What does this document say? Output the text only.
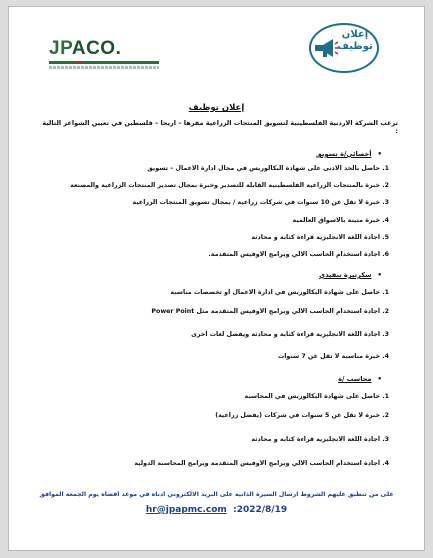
JPACO.
إعلان
توظيف
إعلان توظيف
ترغب الشركة الاردنية الفلسطينية لتسويق المنتجات الزراعية مقرها – اريحا – فلسطين في تعيين الشواغر التالية :
•أخصائي/ة تسويق
1. حاصل بالحد الادنى على شهادة البكالوريس في مجال ادارة الاعمال – تسويق
2. خبرة بالمنتجات الزراعية الفلسطينية القابلة للتصدير وخبرة بمجال تصدير المنتجات الزراعية والمصنعة
3. خبرة لا تقل عن 10 سنوات في شركات زراعية / بمجال تسويق المنتجات الزراعية
4. خبرة متينة بالاسواق العالمية
5. اجادة اللغة الانجليزية قراءة كتابة و محادثة
6. اجادة استخدام الحاسب الالي وبرامج الاوفيس المتقدمة.
•سكرتيرة تنفيذي
1. حاصل على شهادة البكالوريس في ادارة الاعمال او تخصصات مناسبة
2. اجادة استخدام الحاسب الالي وبرامج الاوفيس المتقدمة مثل Power Point
3. اجادة اللغة الانجليزية قراءة كتابة و محادثة ويفضل لغات اخرى
4. خبرة مناسبة لا تقل عن 7 سنوات
•محاسب /ة
1. حاصل على شهادة البكالوريس في المحاسبة
2. خبرة لا تقل عن 5 سنوات في شركات (يفضل زراعية)
3. اجادة اللغة الانجليزية قراءة كتابة و محادثة
4. اجادة استخدام الحاسب الالي وبرامج الاوفيس المتقدمة وبرامج المحاسبة الدولية
على من تنطبق عليهم الشروط ارسال السيرة الذاتيه على البريد الالكتروني ادناه في موعد اقصاه يوم الجمعة الموافق
hr@jpapmc.com  :2022/8/19
